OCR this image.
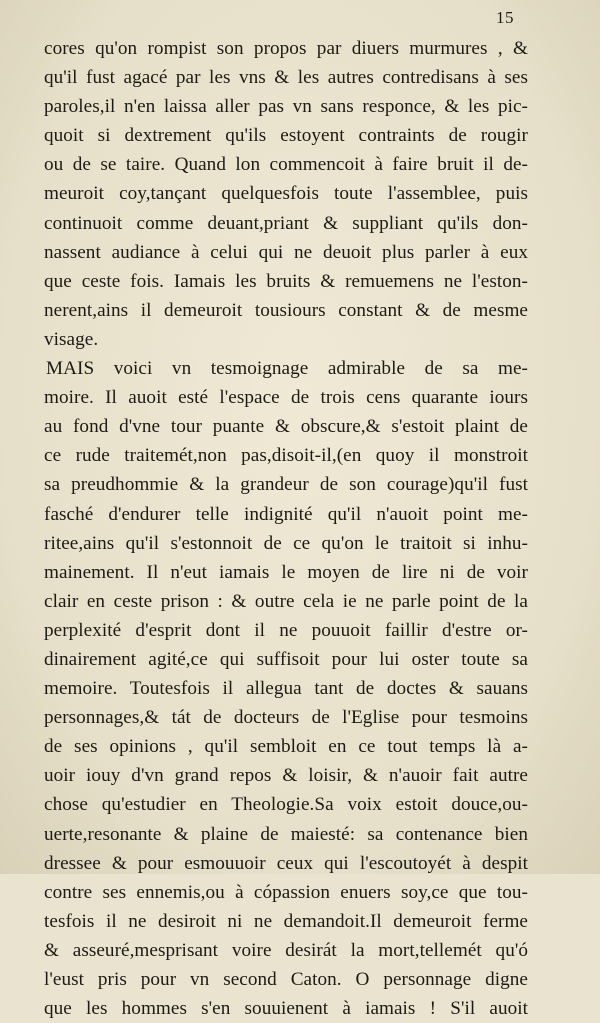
15
cores qu'on rompist son propos par diuers murmures , &
qu'il fust agacé par les vns & les autres contredisans à ses
paroles,il n'en laissa aller pas vn sans responce, & les pic-
quoit si dextrement qu'ils estoyent contraints de rougir
ou de se taire. Quand lon commencoit à faire bruit il de-
meuroit coy,tançant quelquesfois toute l'assemblee, puis
continuoit comme deuant,priant & suppliant qu'ils don-
nassent audiance à celui qui ne deuoit plus parler à eux
que ceste fois. Iamais les bruits & remuemens ne l'eston-
nerent,ains il demeuroit tousiours constant & de mesme
visage.
MAIS voici vn tesmoignage admirable de sa me-
moire. Il auoit esté l'espace de trois cens quarante iours
au fond d'vne tour puante & obscure,& s'estoit plaint de
ce rude traitemét,non pas,disoit-il,(en quoy il monstroit
sa preudhommie & la grandeur de son courage)qu'il fust
fasché d'endurer telle indignité qu'il n'auoit point me-
ritee,ains qu'il s'estonnoit de ce qu'on le traitoit si inhu-
mainement. Il n'eut iamais le moyen de lire ni de voir
clair en ceste prison : & outre cela ie ne parle point de la
perplexité d'esprit dont il ne pouuoit faillir d'estre or-
dinairement agité,ce qui suffisoit pour lui oster toute sa
memoire. Toutesfois il allegua tant de doctes & sauans
personnages,& tát de docteurs de l'Eglise pour tesmoins
de ses opinions , qu'il sembloit en ce tout temps là a-
uoir iouy d'vn grand repos & loisir, & n'auoir fait autre
chose qu'estudier en Theologie.Sa voix estoit douce,ou-
uerte,resonante & plaine de maiesté: sa contenance bien
dressee & pour esmouuoir ceux qui l'escoutoyét à despit
contre ses ennemis,ou à cópassion enuers soy,ce que tou-
tesfois il ne desiroit ni ne demandoit.Il demeuroit ferme
& asseuré,mesprisant voire desirát la mort,tellemét qu'ó
l'eust pris pour vn second Caton. O personnage digne
que les hommes s'en souuienent à iamais ! S'il auoit
